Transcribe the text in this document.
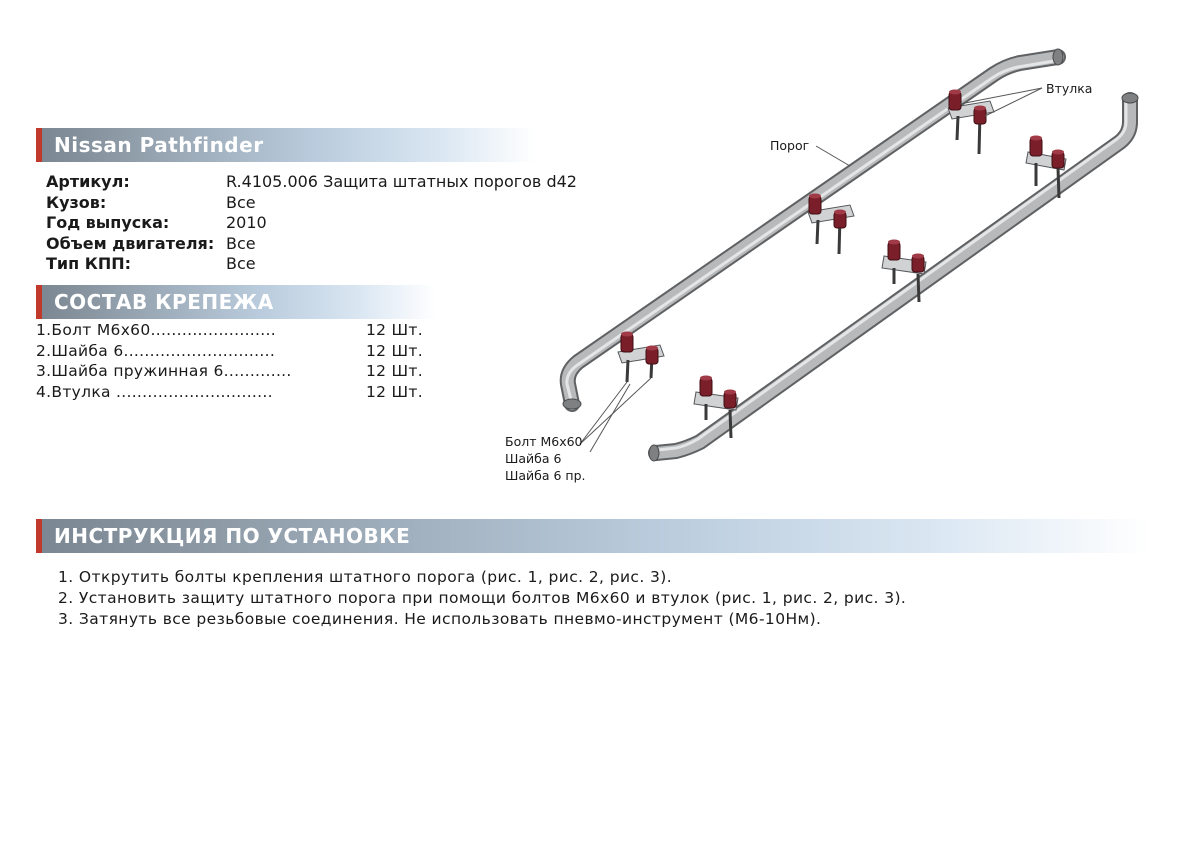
Nissan Pathfinder
Артикул:	R.4105.006 Защита штатных порогов d42
Кузов:	Все
Год выпуска:	2010
Объем двигателя: Все
Тип КПП:	Все
СОСТАВ КРЕПЕЖА
1.Болт М6х60........................	12 Шт.
2.Шайба 6.............................	12 Шт.
3.Шайба пружинная 6.............	12 Шт.
4.Втулка ..............................	12 Шт.
Порог
Втулка
Болт М6х60
Шайба 6
Шайба 6 пр.
ИНСТРУКЦИЯ ПО УСТАНОВКЕ
1. Открутить болты крепления штатного порога (рис. 1, рис. 2, рис. 3).
2. Установить защиту штатного порога при помощи болтов М6х60 и втулок (рис. 1, рис. 2, рис. 3).
3. Затянуть все резьбовые соединения. Не использовать пневмо-инструмент (М6-10Нм).
